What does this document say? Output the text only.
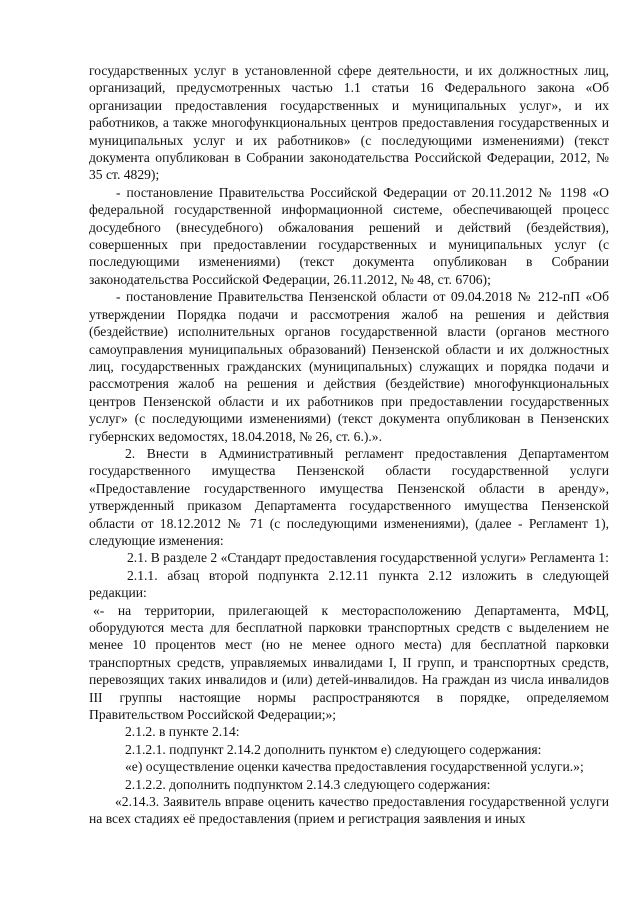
государственных услуг в установленной сфере деятельности, и их должностных лиц, организаций, предусмотренных частью 1.1 статьи 16 Федерального закона «Об организации предоставления государственных и муниципальных услуг», и их работников, а также многофункциональных центров предоставления государственных и муниципальных услуг и их работников» (с последующими изменениями) (текст документа опубликован в Собрании законодательства Российской Федерации, 2012, № 35 ст. 4829);

- постановление Правительства Российской Федерации от 20.11.2012 № 1198 «О федеральной государственной информационной системе, обеспечивающей процесс досудебного (внесудебного) обжалования решений и действий (бездействия), совершенных при предоставлении государственных и муниципальных услуг (с последующими изменениями) (текст документа опубликован в Собрании законодательства Российской Федерации, 26.11.2012, № 48, ст. 6706);

- постановление Правительства Пензенской области от 09.04.2018 № 212-пП «Об утверждении Порядка подачи и рассмотрения жалоб на решения и действия (бездействие) исполнительных органов государственной власти (органов местного самоуправления муниципальных образований) Пензенской области и их должностных лиц, государственных гражданских (муниципальных) служащих и порядка подачи и рассмотрения жалоб на решения и действия (бездействие) многофункциональных центров Пензенской области и их работников при предоставлении государственных услуг» (с последующими изменениями) (текст документа опубликован в Пензенских губернских ведомостях, 18.04.2018, № 26, ст. 6.).».

2. Внести в Административный регламент предоставления Департаментом государственного имущества Пензенской области государственной услуги «Предоставление государственного имущества Пензенской области в аренду», утвержденный приказом Департамента государственного имущества Пензенской области от 18.12.2012 № 71 (с последующими изменениями), (далее - Регламент 1), следующие изменения:

2.1. В разделе 2 «Стандарт предоставления государственной услуги» Регламента 1:

2.1.1. абзац второй подпункта 2.12.11 пункта 2.12 изложить в следующей редакции:

«- на территории, прилегающей к месторасположению Департамента, МФЦ, оборудуются места для бесплатной парковки транспортных средств с выделением не менее 10 процентов мест (но не менее одного места) для бесплатной парковки транспортных средств, управляемых инвалидами I, II групп, и транспортных средств, перевозящих таких инвалидов и (или) детей-инвалидов. На граждан из числа инвалидов III группы настоящие нормы распространяются в порядке, определяемом Правительством Российской Федерации;»;

2.1.2. в пункте 2.14:

2.1.2.1. подпункт 2.14.2 дополнить пунктом е) следующего содержания:

«е) осуществление оценки качества предоставления государственной услуги.»;

2.1.2.2. дополнить подпунктом 2.14.3 следующего содержания:

«2.14.3. Заявитель вправе оценить качество предоставления государственной услуги на всех стадиях её предоставления (прием и регистрация заявления и иных
